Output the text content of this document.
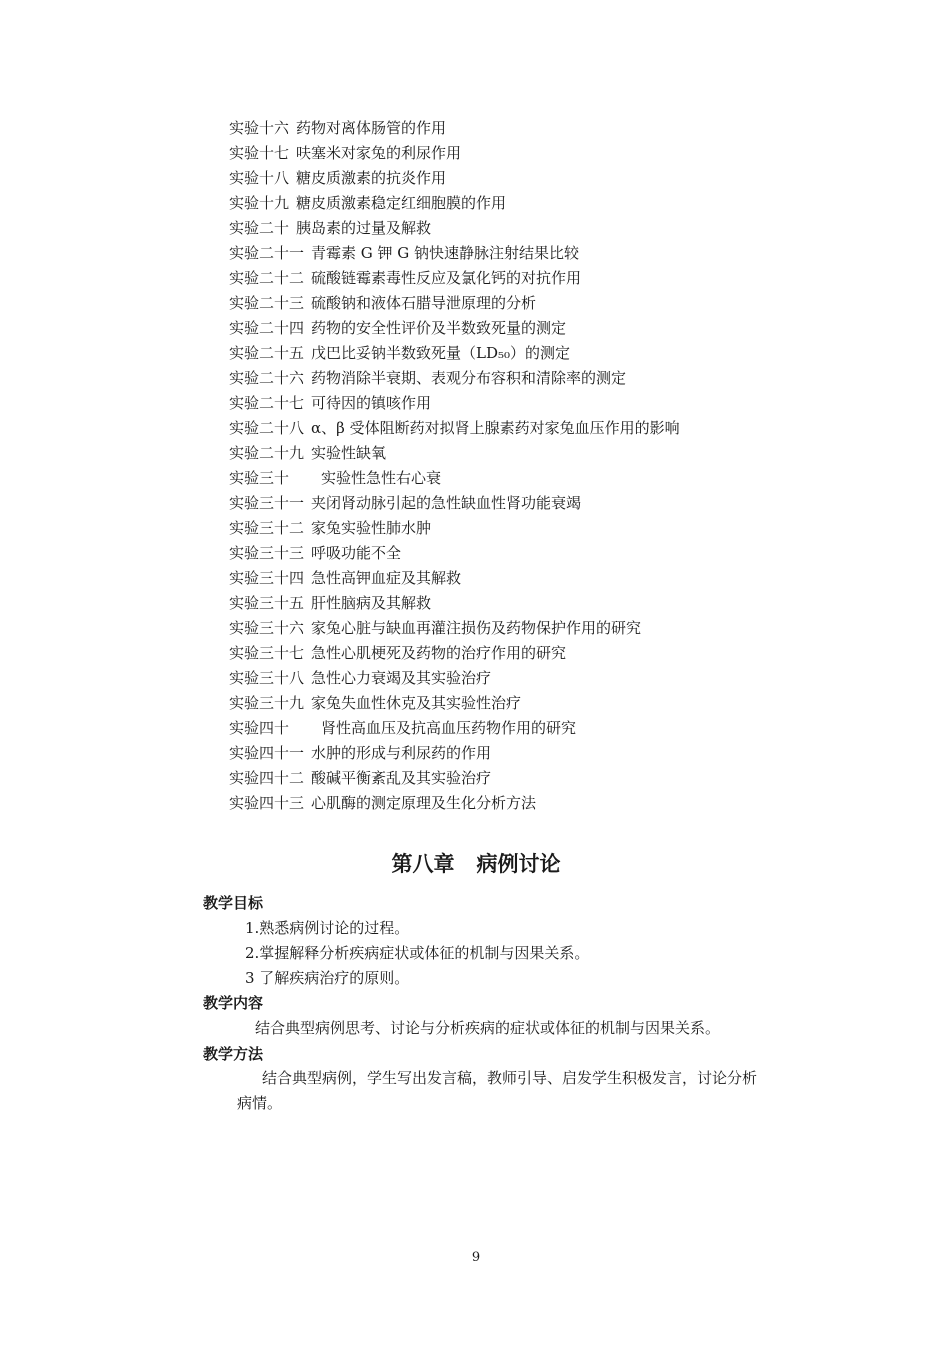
实验十六 药物对离体肠管的作用
实验十七 呋塞米对家兔的利尿作用
实验十八 糖皮质激素的抗炎作用
实验十九 糖皮质激素稳定红细胞膜的作用
实验二十 胰岛素的过量及解救
实验二十一 青霉素 G 钾 G 钠快速静脉注射结果比较
实验二十二 硫酸链霉素毒性反应及氯化钙的对抗作用
实验二十三 硫酸钠和液体石腊导泄原理的分析
实验二十四 药物的安全性评价及半数致死量的测定
实验二十五 戊巴比妥钠半数致死量（LD₅₀）的测定
实验二十六 药物消除半衰期、表观分布容积和清除率的测定
实验二十七 可待因的镇咳作用
实验二十八 α、β 受体阻断药对拟肾上腺素药对家兔血压作用的影响
实验二十九 实验性缺氧
实验三十	实验性急性右心衰
实验三十一 夹闭肾动脉引起的急性缺血性肾功能衰竭
实验三十二 家兔实验性肺水肿
实验三十三 呼吸功能不全
实验三十四 急性高钾血症及其解救
实验三十五 肝性脑病及其解救
实验三十六 家兔心脏与缺血再灌注损伤及药物保护作用的研究
实验三十七 急性心肌梗死及药物的治疗作用的研究
实验三十八 急性心力衰竭及其实验治疗
实验三十九 家兔失血性休克及其实验性治疗
实验四十	肾性高血压及抗高血压药物作用的研究
实验四十一 水肿的形成与利尿药的作用
实验四十二 酸碱平衡紊乱及其实验治疗
实验四十三 心肌酶的测定原理及生化分析方法
第八章 病例讨论
教学目标
1.熟悉病例讨论的过程。
2.掌握解释分析疾病症状或体征的机制与因果关系。
3 了解疾病治疗的原则。
教学内容
结合典型病例思考、讨论与分析疾病的症状或体征的机制与因果关系。
教学方法
结合典型病例，学生写出发言稿，教师引导、启发学生积极发言，讨论分析
病情。
9
